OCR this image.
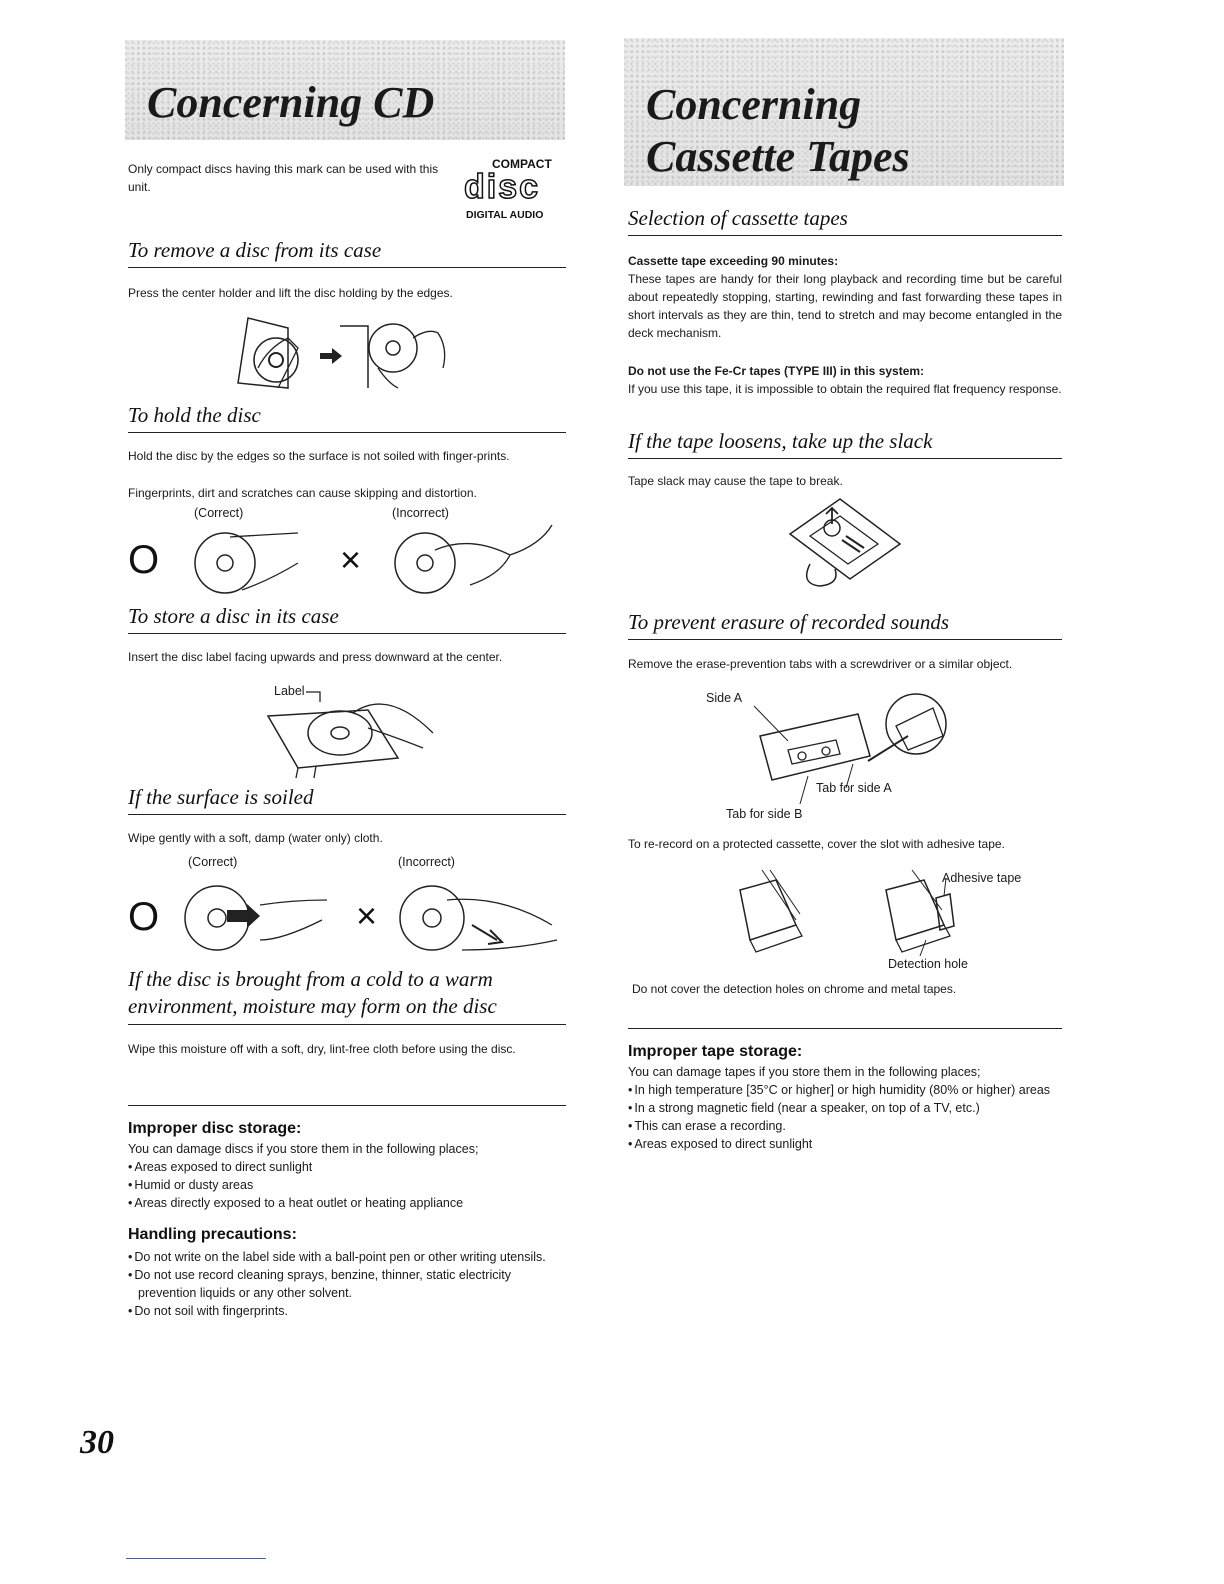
Concerning CD
Only compact discs having this mark can be used with this unit.
COMPACT
disc
DIGITAL AUDIO
To remove a disc from its case
Press the center holder and lift the disc holding by the edges.
To hold the disc
Hold the disc by the edges so the surface is not soiled with finger-prints.
Fingerprints, dirt and scratches can cause skipping and distortion.
(Correct)	(Incorrect)
O	×
To store a disc in its case
Insert the disc label facing upwards and press downward at the center.
Label
If the surface is soiled
Wipe gently with a soft, damp (water only) cloth.
(Correct)	(Incorrect)
O	×
If the disc is brought from a cold to a warm environment, moisture may form on the disc
Wipe this moisture off with a soft, dry, lint-free cloth before using the disc.
Improper disc storage:
You can damage discs if you store them in the following places;
• Areas exposed to direct sunlight
• Humid or dusty areas
• Areas directly exposed to a heat outlet or heating appliance
Handling precautions:
• Do not write on the label side with a ball-point pen or other writing utensils.
• Do not use record cleaning sprays, benzine, thinner, static electricity prevention liquids or any other solvent.
• Do not soil with fingerprints.
Concerning
Cassette Tapes
Selection of cassette tapes
Cassette tape exceeding 90 minutes:
These tapes are handy for their long playback and recording time but be careful about repeatedly stopping, starting, rewinding and fast forwarding these tapes in short intervals as they are thin, tend to stretch and may become entangled in the deck mechanism.
Do not use the Fe-Cr tapes (TYPE III) in this system:
If you use this tape, it is impossible to obtain the required flat frequency response.
If the tape loosens, take up the slack
Tape slack may cause the tape to break.
To prevent erasure of recorded sounds
Remove the erase-prevention tabs with a screwdriver or a similar object.
Side A
Tab for side A
Tab for side B
To re-record on a protected cassette, cover the slot with adhesive tape.
Adhesive tape
Detection hole
Do not cover the detection holes on chrome and metal tapes.
Improper tape storage:
You can damage tapes if you store them in the following places;
• In high temperature [35°C or higher] or high humidity (80% or higher) areas
• In a strong magnetic field (near a speaker, on top of a TV, etc.)
• This can erase a recording.
• Areas exposed to direct sunlight
30
